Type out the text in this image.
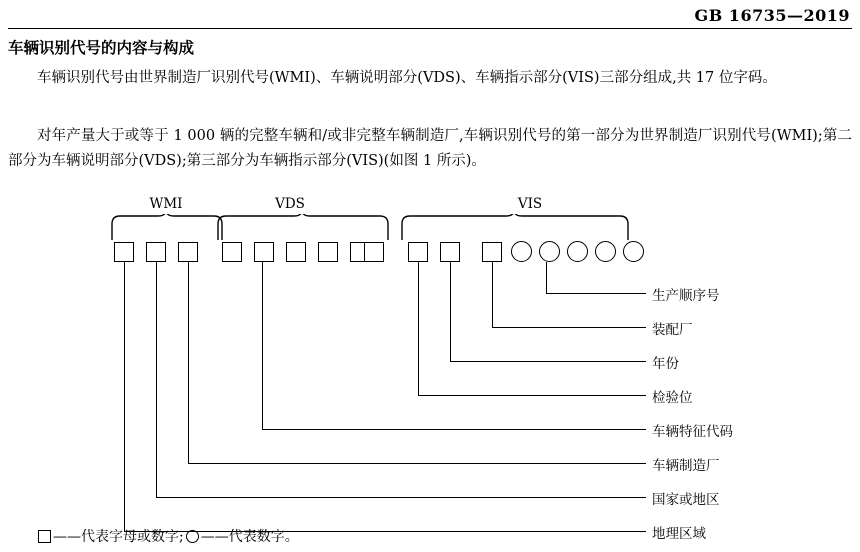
GB 16735—2019
车辆识别代号的内容与构成
车辆识别代号由世界制造厂识别代号(WMI)、车辆说明部分(VDS)、车辆指示部分(VIS)三部分组成,共 17 位字码。
对年产量大于或等于 1 000 辆的完整车辆和/或非完整车辆制造厂,车辆识别代号的第一部分为世界制造厂识别代号(WMI);第二部分为车辆说明部分(VDS);第三部分为车辆指示部分(VIS)(如图 1 所示)。
WMI	VDS	VIS
生产顺序号
装配厂
年份
检验位
车辆特征代码
车辆制造厂
国家或地区
地理区域
——代表字母或数字; ——代表数字。
